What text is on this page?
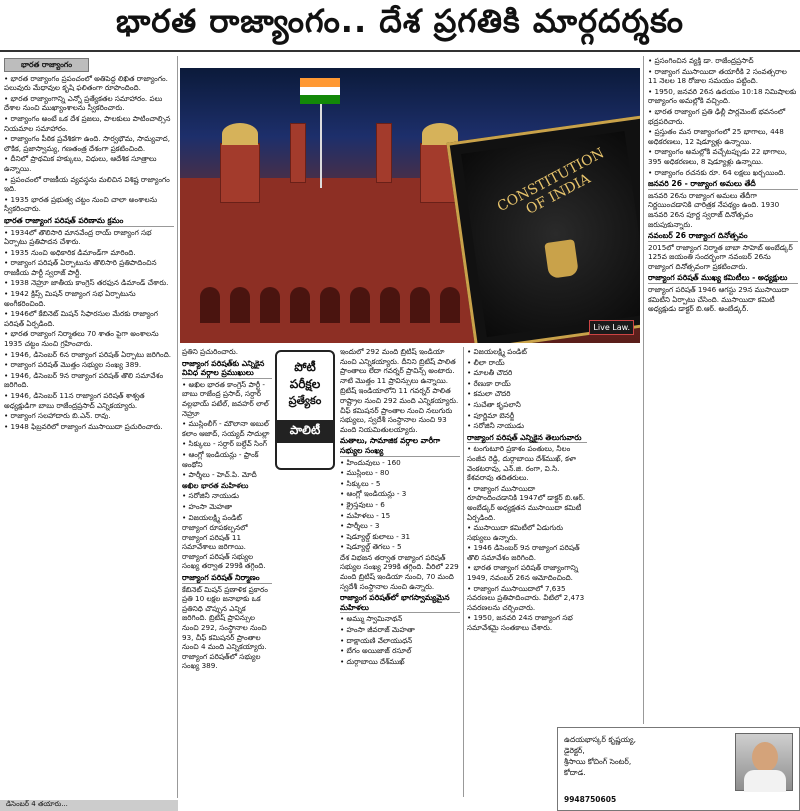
భారత రాజ్యాంగం.. దేశ ప్రగతికి మార్గదర్శకం
భారత రాజ్యాంగం

• భారత రాజ్యాంగం ప్రపంచంలో అతిపెద్ద లిఖిత రాజ్యాంగం. పలువురు మేధావుల కృషి ఫలితంగా రూపొందింది.

• భారత రాజ్యాంగాన్ని ఎన్నో ప్రత్యేకతల సమాహారం. పలు దేశాల నుంచి ముఖ్యాంశాలను స్వీకరించారు.

• రాజ్యాంగం అంటే ఒక దేశ ప్రజలు, పాలకులు పాటించాల్సిన నియమాల సమాహారం.

• రాజ్యాంగం పీఠిక ప్రవేశికగా ఉంది. సార్వభౌమ, సామ్యవాద, లౌకిక, ప్రజాస్వామ్య, గణతంత్ర దేశంగా ప్రకటించింది.

• దీనిలో ప్రాథమిక హక్కులు, విధులు, ఆదేశిక సూత్రాలు ఉన్నాయి.

• ప్రపంచంలో రాజకీయ వ్యవస్థను మలిచిన విశిష్ట రాజ్యాంగం ఇది.

• 1935 భారత ప్రభుత్వ చట్టం నుంచి చాలా అంశాలను స్వీకరించారు.

భారత రాజ్యాంగ పరిషత్ పరిణామ క్రమం

• 1934లో తొలిసారి మానవేంద్ర రాయ్ రాజ్యాంగ సభ ఏర్పాటు ప్రతిపాదన చేశారు.

• 1935 నుంచి అధికారిక డిమాండ్‌గా మారింది.

• రాజ్యాంగ పరిషత్ ఏర్పాటును తొలిసారి ప్రతిపాదించిన రాజకీయ పార్టీ స్వరాజ్ పార్టీ.

• 1938 నెహ్రూ జాతీయ కాంగ్రెస్ తరఫున డిమాండ్ చేశారు.

• 1942 క్రిప్స్ మిషన్ రాజ్యాంగ సభ ఏర్పాటును అంగీకరించింది.

• 1946లో కేబినెట్ మిషన్ సిఫారసుల మేరకు రాజ్యాంగ పరిషత్ ఏర్పడింది.

• భారత రాజ్యాంగ నిర్మాతలు 70 శాతం పైగా అంశాలను 1935 చట్టం నుంచి గ్రహించారు.

• 1946, డిసెంబర్ 6న రాజ్యాంగ పరిషత్ ఏర్పాటు జరిగింది.

• రాజ్యాంగ పరిషత్ మొత్తం సభ్యుల సంఖ్య 389.

• 1946, డిసెంబర్ 9న రాజ్యాంగ పరిషత్ తొలి సమావేశం జరిగింది.

• 1946, డిసెంబర్ 11న రాజ్యాంగ పరిషత్ శాశ్వత అధ్యక్షుడిగా బాబు రాజేంద్రప్రసాద్ ఎన్నికయ్యారు.

• రాజ్యాంగ సలహాదారు బి.ఎన్. రావు.

• 1948 ఫిబ్రవరిలో రాజ్యాంగ ముసాయిదా ప్రచురించారు.

CONSTITUTION OF INDIA
Live Law.

ప్రతిని ప్రచురించారు.

రాజ్యాంగ పరిషత్‌కు ఎన్నికైన వివిధ వర్గాల ప్రముఖులు

• అఖిల భారత కాంగ్రెస్ పార్టీ - బాబు రాజేంద్ర ప్రసాద్, సర్దార్ వల్లభాయ్ పటేల్, జవహర్ లాల్ నెహ్రూ

• ముస్లింలీగ్ - మౌలానా అబుల్ కలాం ఆజాద్, సయ్యద్ సాదుల్లా

• సిక్కులు - సర్దార్ బల్దేవ్ సింగ్

• ఆంగ్లో ఇండియన్లు - ఫ్రాంక్ ఆంథోని

• పార్శీలు - హెచ్.పి. మోదీ

అఖిల భారత మహిళలు

• సరోజినీ నాయుడు

• హంసా మెహతా

• విజయలక్ష్మి పండిట్

రాజ్యాంగ రూపకల్పనలో రాజ్యాంగ పరిషత్ 11 సమావేశాలు జరిగాయి. రాజ్యాంగ పరిషత్ సభ్యుల సంఖ్య తర్వాత 299కి తగ్గింది.

రాజ్యాంగ పరిషత్ నిర్మాణం

కేబినెట్ మిషన్ ప్రణాళిక ప్రకారం ప్రతి 10 లక్షల జనాభాకు ఒక ప్రతినిధి చొప్పున ఎన్నిక జరిగింది. బ్రిటిష్ ప్రావిన్సుల నుంచి 292, సంస్థానాల నుంచి 93, చీఫ్ కమిషనర్ ప్రాంతాల నుంచి 4 మంది ఎన్నికయ్యారు. రాజ్యాంగ పరిషత్‌లో సభ్యుల సంఖ్య 389.

పోటీ
పరీక్షల
ప్రత్యేకం
పాలిటీ

ఇందులో 292 మంది బ్రిటిష్ ఇండియా నుంచి ఎన్నికయ్యారు. దీనిని బ్రిటిష్ పాలిత ప్రాంతాలు లేదా గవర్నర్ ప్రావిన్స్ అంటారు. నాటి మొత్తం 11 ప్రావిన్సులు ఉన్నాయి.

బ్రిటిష్ ఇండియాలోని 11 గవర్నర్ పాలిత రాష్ట్రాల నుంచి 292 మంది ఎన్నికయ్యారు. చీఫ్ కమిషనర్ ప్రాంతాల నుంచి నలుగురు సభ్యులు, స్వదేశీ సంస్థానాల నుంచి 93 మంది నియమితులయ్యారు.

మతాలు, సామాజిక వర్గాల వారీగా సభ్యుల సంఖ్య

• హిందువులు - 160

• ముస్లింలు - 80

• సిక్కులు - 5

• ఆంగ్లో ఇండియన్లు - 3

• క్రైస్తవులు - 6

• మహిళలు - 15

• పార్శీలు - 3

• షెడ్యూల్డ్ కులాలు - 31

• షెడ్యూల్డ్ తెగలు - 5

దేశ విభజన తర్వాత రాజ్యాంగ పరిషత్ సభ్యుల సంఖ్య 299కి తగ్గింది. వీరిలో 229 మంది బ్రిటిష్ ఇండియా నుంచి, 70 మంది స్వదేశీ సంస్థానాల నుంచి ఉన్నారు.

రాజ్యాంగ పరిషత్‌లో భాగస్వామ్యమైన మహిళలు

• అమ్ము స్వామినాథన్

• హంసా జీవరాజ్ మెహతా

• దాక్షాయణి వేలాయుధన్

• బేగం అయిజాజ్ రసూల్

• దుర్గాబాయి దేశ్‌ముఖ్

• విజయలక్ష్మి పండిట్

• లీలా రాయ్

• మాలతీ చౌదరి

• రేణుకా రాయ్

• కమలా చౌదరి

• సుచేతా కృపలానీ

• పూర్ణిమా బెనర్జీ

• సరోజినీ నాయుడు

రాజ్యాంగ పరిషత్ ఎన్నికైన తెలుగువారు

• టంగుటూరి ప్రకాశం పంతులు, నీలం సంజీవ రెడ్డి, దుర్గాబాయి దేశ్‌ముఖ్, కళా వెంకటరావు, ఎన్.జి. రంగా, వి.సి. కేశవరావు తదితరులు.

• రాజ్యాంగ ముసాయిదా రూపొందించడానికి 1947లో డాక్టర్ బి.ఆర్. అంబేడ్కర్ అధ్యక్షతన ముసాయిదా కమిటీ ఏర్పడింది.

• ముసాయిదా కమిటీలో ఏడుగురు సభ్యులు ఉన్నారు.

• 1946 డిసెంబర్ 9న రాజ్యాంగ పరిషత్ తొలి సమావేశం జరిగింది.

• భారత రాజ్యాంగ పరిషత్ రాజ్యాంగాన్ని 1949, నవంబర్ 26న ఆమోదించింది.

• రాజ్యాంగ ముసాయిదాలో 7,635 సవరణలు ప్రతిపాదించారు. వీటిలో 2,473 సవరణలను చర్చించారు.

• 1950, జనవరి 24న రాజ్యాంగ సభ సమావేశమై సంతకాలు చేశారు.

• ప్రసంగించిన వ్యక్తి డా. రాజేంద్రప్రసాద్

• రాజ్యాంగ ముసాయిదా తయారీకి 2 సంవత్సరాల 11 నెలల 18 రోజుల సమయం పట్టింది.

• 1950, జనవరి 26న ఉదయం 10:18 నిమిషాలకు రాజ్యాంగం అమల్లోకి వచ్చింది.

• భారత రాజ్యాంగ ప్రతి ఢిల్లీ పార్లమెంట్ భవనంలో భద్రపరిచారు.

• ప్రస్తుతం మన రాజ్యాంగంలో 25 భాగాలు, 448 అధికరణలు, 12 షెడ్యూళ్లు ఉన్నాయి.

• రాజ్యాంగం అమల్లోకి వచ్చేటప్పుడు 22 భాగాలు, 395 అధికరణలు, 8 షెడ్యూళ్లు ఉన్నాయి.

• రాజ్యాంగం రచనకు రూ. 64 లక్షలు ఖర్చయింది.

జనవరి 26 - రాజ్యాంగ అమలు తేదీ

జనవరి 26ను రాజ్యాంగ అమలు తేదీగా నిర్ణయించడానికి చారిత్రక నేపథ్యం ఉంది. 1930 జనవరి 26న పూర్ణ స్వరాజ్ దినోత్సవం జరుపుకున్నారు.

నవంబర్ 26 రాజ్యాంగ దినోత్సవం

2015లో రాజ్యాంగ నిర్మాత బాబా సాహెబ్ అంబేడ్కర్ 125వ జయంతి సందర్భంగా నవంబర్ 26ను రాజ్యాంగ దినోత్సవంగా ప్రకటించారు.

రాజ్యాంగ పరిషత్ ముఖ్య కమిటీలు - అధ్యక్షులు

రాజ్యాంగ పరిషత్ 1946 ఆగస్టు 29న ముసాయిదా కమిటీని ఏర్పాటు చేసింది. ముసాయిదా కమిటీ అధ్యక్షుడు డాక్టర్ బి.ఆర్. అంబేడ్కర్.

ఉదయభాస్కర్ కృష్ణయ్య,
డైరెక్టర్,
శ్రీసాయి కోచింగ్ సెంటర్,
కోదాడ.
9948750605
డిసెంబర్ 4 తయారు...
